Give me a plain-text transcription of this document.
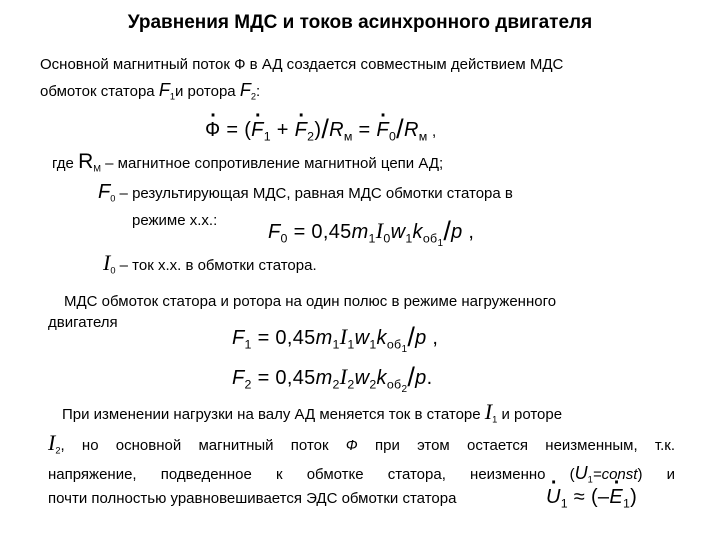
Уравнения МДС и токов асинхронного двигателя
Основной магнитный поток Ф в АД создается совместным действием МДС
обмоток статора $F_1и$ ротора $F_2$:
· Ф = (· $F_1$ + · $F_2)/R_м$ = · $F_0/R_м$ ,
где $R_М$ – магнитное сопротивление магнитной цепи АД;
$F_0$ – результирующая МДС, равная МДС обмотки статора в
режиме х.х.:
$F_0 = 0,45m_1I_0w_1k_{об1}/p$ ,
$I_0$ – ток х.х. в обмотки статора.
МДС обмоток статора и ротора на один полюс в режиме нагруженного
двигателя
$F_1 = 0,45m_1I_1w_1k_{об1}/p$ ,
$F_2 = 0,45m_2I_2w_2k_{об2}/p$.
При изменении нагрузки на валу АД меняется ток в статоре $I_1$ и роторе
$I_2$, но основной магнитный поток Ф при этом остается неизменным, т.к.
напряжение, подведенное к обмотке статора, неизменно $(U_1=const)$ и
почти полностью уравновешивается ЭДС обмотки статора
·	$U_1$ ≈ (–· $E_1$)
